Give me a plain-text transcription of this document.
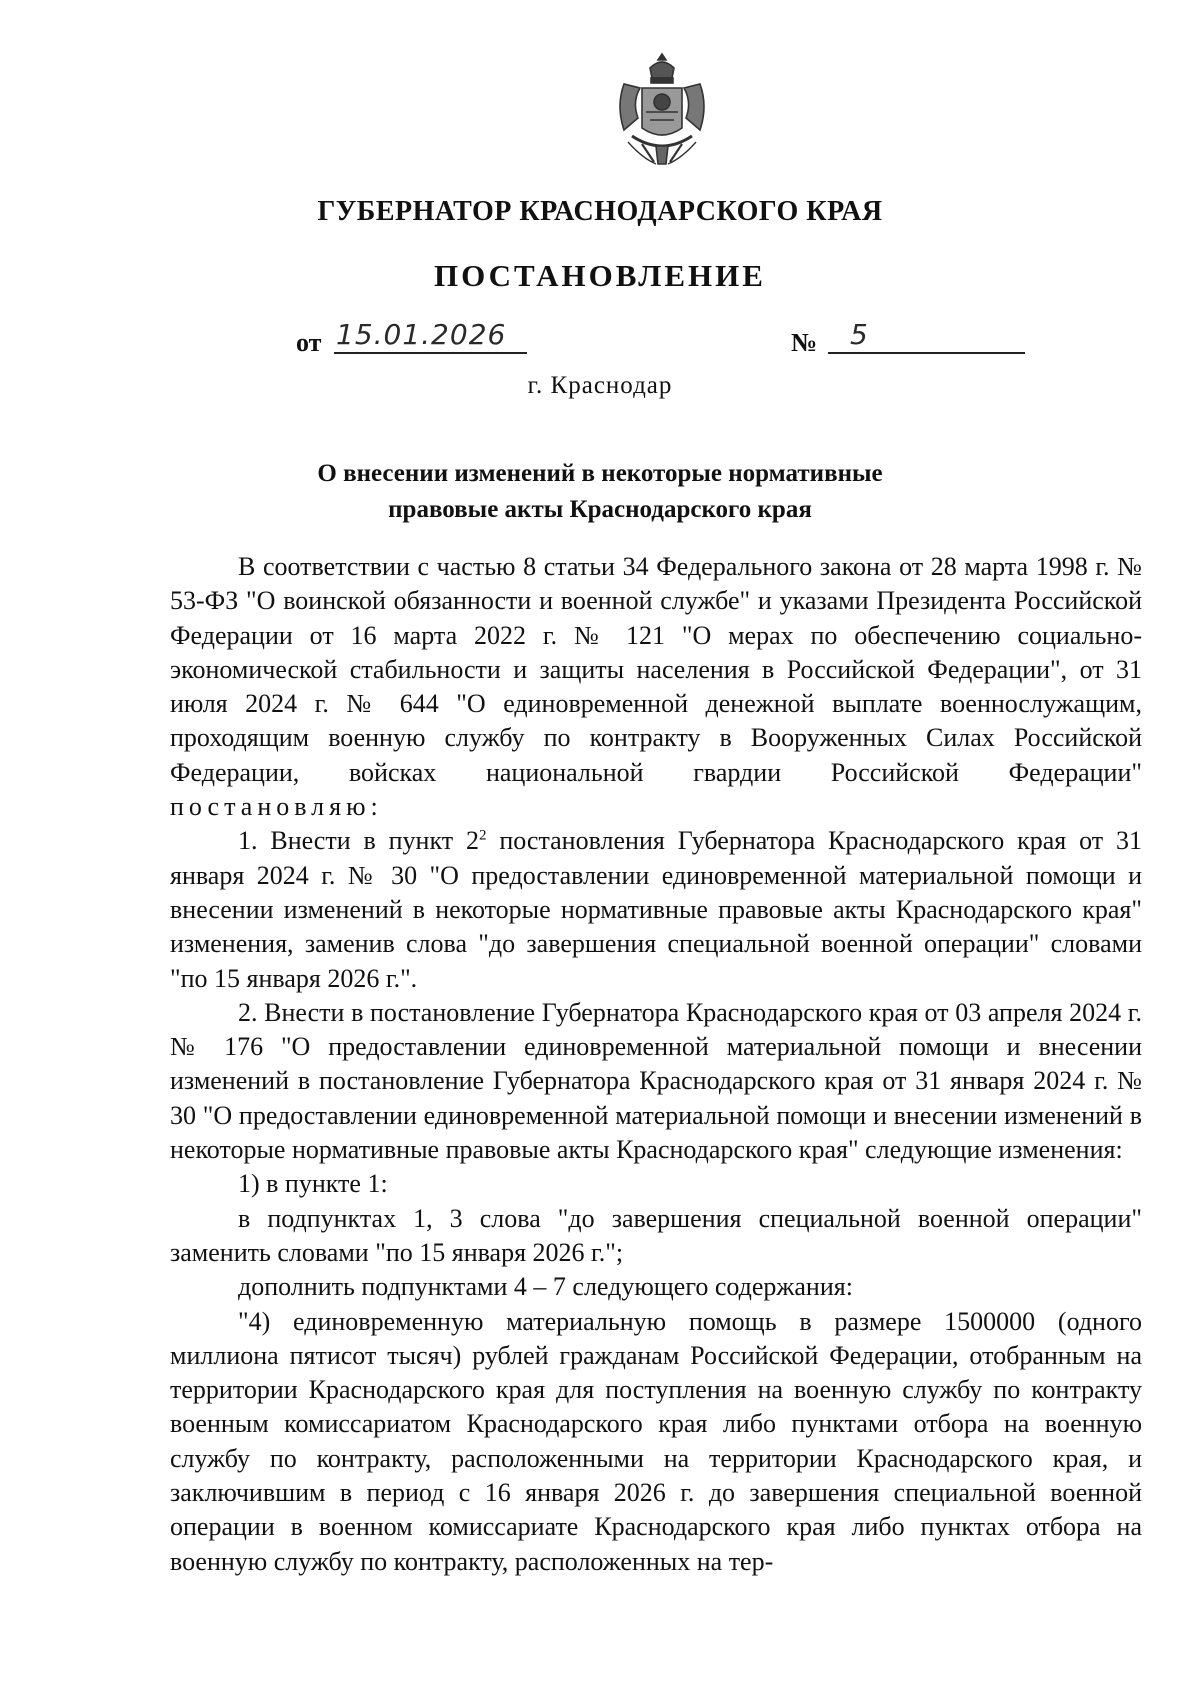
ГУБЕРНАТОР КРАСНОДАРСКОГО КРАЯ
ПОСТАНОВЛЕНИЕ
от 15.01.2026	№ 5
г. Краснодар
О внесении изменений в некоторые нормативные
правовые акты Краснодарского края

В соответствии с частью 8 статьи 34 Федерального закона от 28 марта 1998 г. № 53-ФЗ "О воинской обязанности и военной службе" и указами Президента Российской Федерации от 16 марта 2022 г. № 121 "О мерах по обеспечению социально-экономической стабильности и защиты населения в Российской Федерации", от 31 июля 2024 г. № 644 "О единовременной денежной выплате военнослужащим, проходящим военную службу по контракту в Вооруженных Силах Российской Федерации, войсках национальной гвардии Российской Федерации" постановляю:

1. Внести в пункт $2^2$ постановления Губернатора Краснодарского края от 31 января 2024 г. № 30 "О предоставлении единовременной материальной помощи и внесении изменений в некоторые нормативные правовые акты Краснодарского края" изменения, заменив слова "до завершения специальной военной операции" словами "по 15 января 2026 г.".

2. Внести в постановление Губернатора Краснодарского края от 03 апреля 2024 г. № 176 "О предоставлении единовременной материальной помощи и внесении изменений в постановление Губернатора Краснодарского края от 31 января 2024 г. № 30 "О предоставлении единовременной материальной помощи и внесении изменений в некоторые нормативные правовые акты Краснодарского края" следующие изменения:

1) в пункте 1:

в подпунктах 1, 3 слова "до завершения специальной военной операции" заменить словами "по 15 января 2026 г.";

дополнить подпунктами 4 – 7 следующего содержания:

"4) единовременную материальную помощь в размере 1500000 (одного миллиона пятисот тысяч) рублей гражданам Российской Федерации, отобранным на территории Краснодарского края для поступления на военную службу по контракту военным комиссариатом Краснодарского края либо пунктами отбора на военную службу по контракту, расположенными на территории Краснодарского края, и заключившим в период с 16 января 2026 г. до завершения специальной военной операции в военном комиссариате Краснодарского края либо пунктах отбора на военную службу по контракту, расположенных на тер-
